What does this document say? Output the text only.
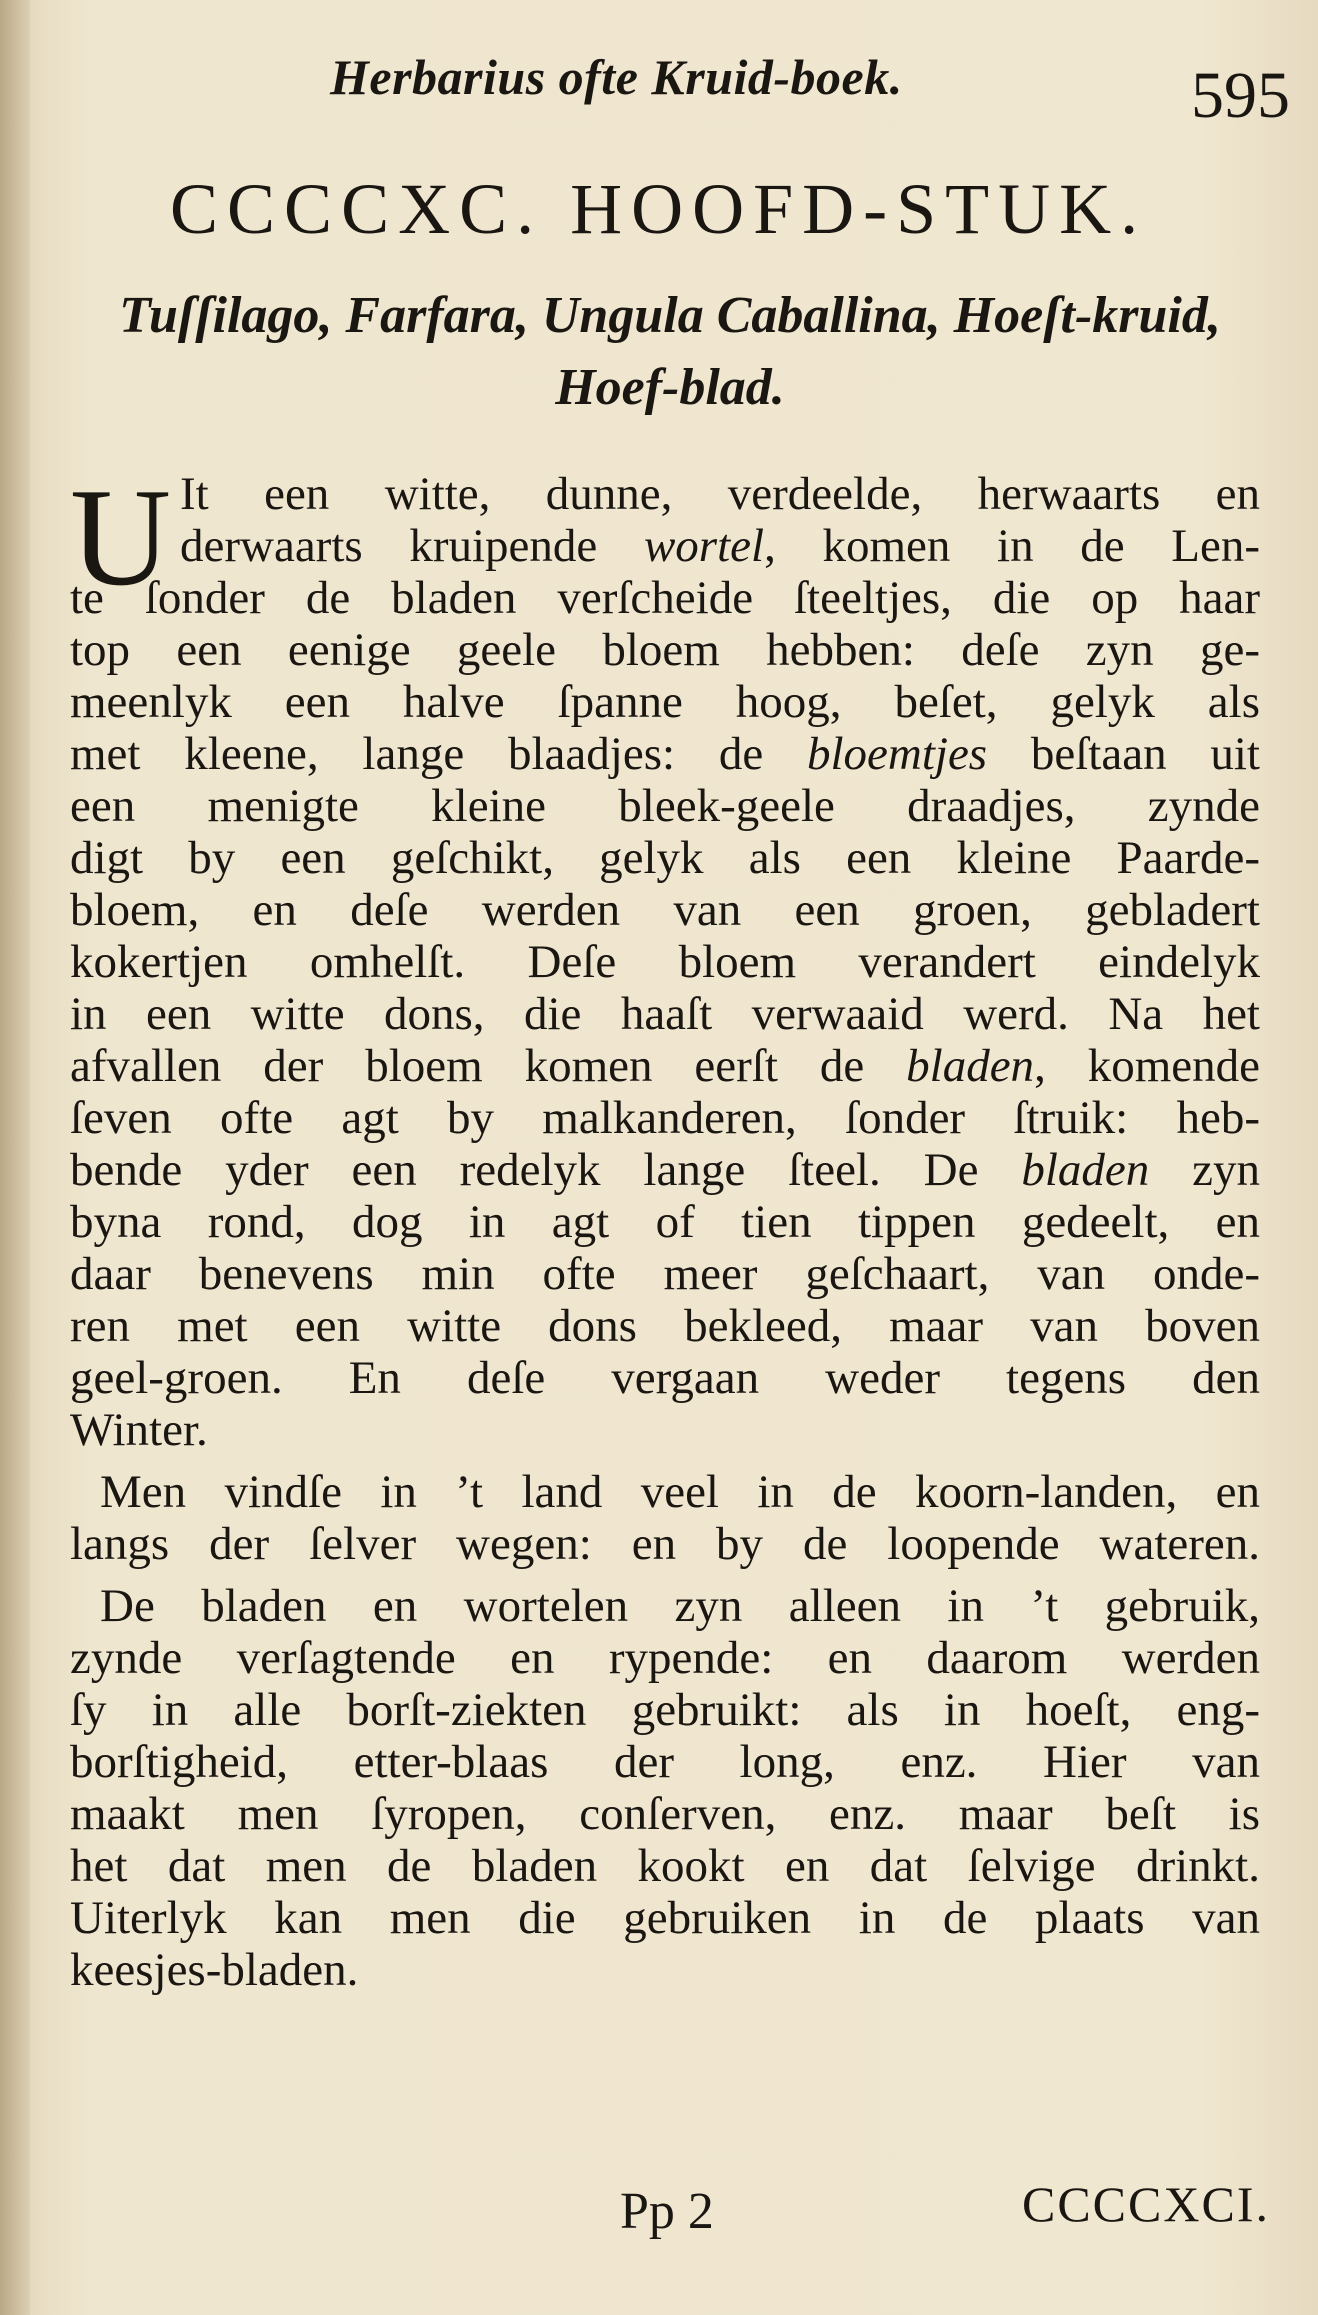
Herbarius ofte Kruid-boek.	595
CCCCXC. HOOFD-STUK.
Tuſſilago, Farfara, Ungula Caballina, Hoeſt-kruid,
Hoef-blad.
U It een witte, dunne, verdeelde, herwaarts en
derwaarts kruipende wortel, komen in de Len-
te ſonder de bladen verſcheide ſteeltjes, die op haar
top een eenige geele bloem hebben: deſe zyn ge-
meenlyk een halve ſpanne hoog, beſet, gelyk als
met kleene, lange blaadjes: de bloemtjes beſtaan uit
een menigte kleine bleek-geele draadjes, zynde
digt by een geſchikt, gelyk als een kleine Paarde-
bloem, en deſe werden van een groen, gebladert
kokertjen omhelſt. Deſe bloem verandert eindelyk
in een witte dons, die haaſt verwaaid werd. Na het
afvallen der bloem komen eerſt de bladen, komende
ſeven ofte agt by malkanderen, ſonder ſtruik: heb-
bende yder een redelyk lange ſteel. De bladen zyn
byna rond, dog in agt of tien tippen gedeelt, en
daar benevens min ofte meer geſchaart, van onde-
ren met een witte dons bekleed, maar van boven
geel-groen. En deſe vergaan weder tegens den
Winter.
Men vindſe in ’t land veel in de koorn-landen, en
langs der ſelver wegen: en by de loopende wateren.
De bladen en wortelen zyn alleen in ’t gebruik,
zynde verſagtende en rypende: en daarom werden
ſy in alle borſt-ziekten gebruikt: als in hoeſt, eng-
borſtigheid, etter-blaas der long, enz. Hier van
maakt men ſyropen, conſerven, enz. maar beſt is
het dat men de bladen kookt en dat ſelvige drinkt.
Uiterlyk kan men die gebruiken in de plaats van
keesjes-bladen.
Pp 2	CCCCXCI.
